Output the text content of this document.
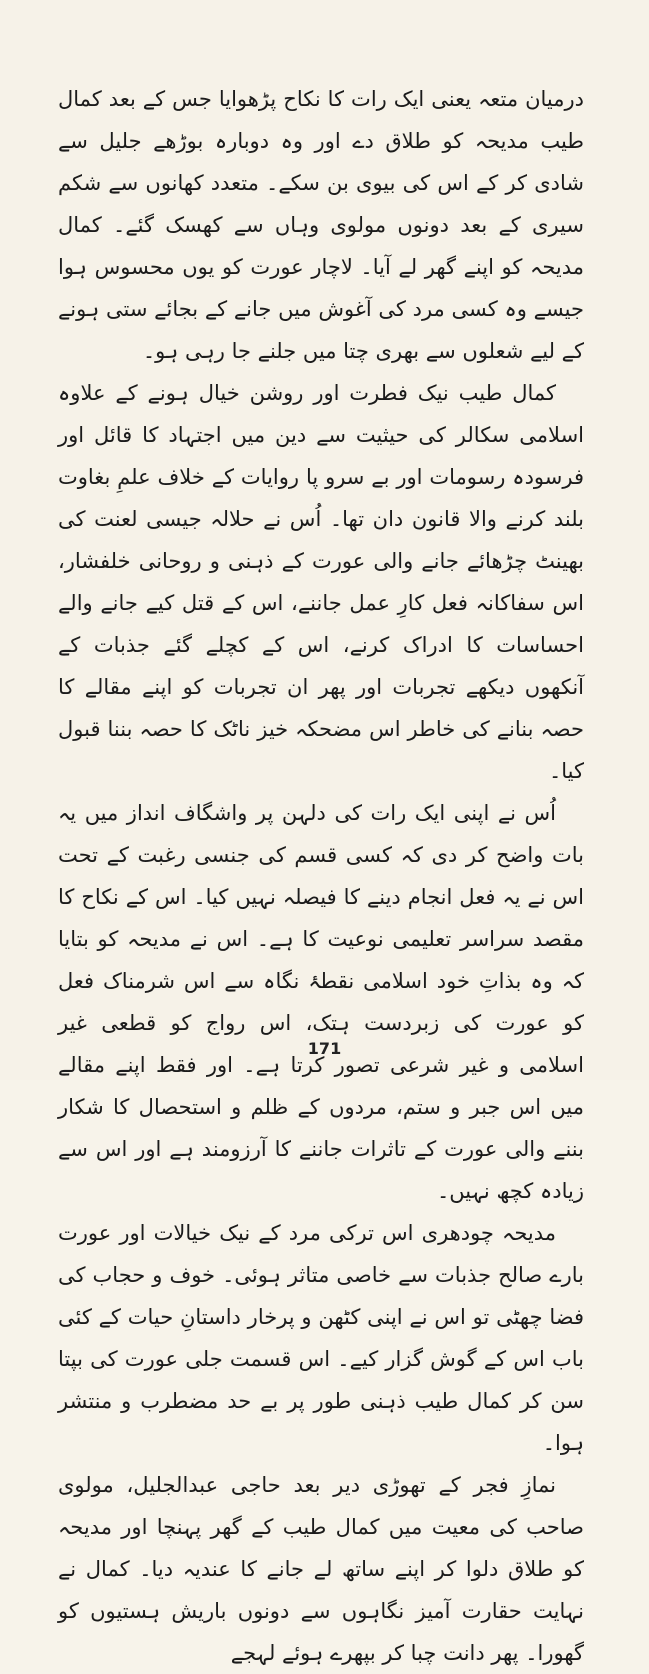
درمیان متعہ یعنی ایک رات کا نکاح پڑھوایا جس کے بعد کمال طیب مدیحہ کو طلاق دے اور وہ دوبارہ بوڑھے جلیل سے شادی کر کے اس کی بیوی بن سکے۔ متعدد کھانوں سے شکم سیری کے بعد دونوں مولوی وہاں سے کھسک گئے۔ کمال مدیحہ کو اپنے گھر لے آیا۔ لاچار عورت کو یوں محسوس ہوا جیسے وہ کسی مرد کی آغوش میں جانے کے بجائے ستی ہونے کے لیے شعلوں سے بھری چتا میں جلنے جا رہی ہو۔

کمال طیب نیک فطرت اور روشن خیال ہونے کے علاوہ اسلامی سکالر کی حیثیت سے دین میں اجتہاد کا قائل اور فرسودہ رسومات اور بے سرو پا روایات کے خلاف علمِ بغاوت بلند کرنے والا قانون دان تھا۔ اُس نے حلالہ جیسی لعنت کی بھینٹ چڑھائے جانے والی عورت کے ذہنی و روحانی خلفشار، اس سفاکانہ فعل کارِ عمل جاننے، اس کے قتل کیے جانے والے احساسات کا ادراک کرنے، اس کے کچلے گئے جذبات کے آنکھوں دیکھے تجربات اور پھر ان تجربات کو اپنے مقالے کا حصہ بنانے کی خاطر اس مضحکہ خیز ناٹک کا حصہ بننا قبول کیا۔

اُس نے اپنی ایک رات کی دلہن پر واشگاف انداز میں یہ بات واضح کر دی کہ کسی قسم کی جنسی رغبت کے تحت اس نے یہ فعل انجام دینے کا فیصلہ نہیں کیا۔ اس کے نکاح کا مقصد سراسر تعلیمی نوعیت کا ہے۔ اس نے مدیحہ کو بتایا کہ وہ بذاتِ خود اسلامی نقطۂ نگاہ سے اس شرمناک فعل کو عورت کی زبردست ہتک، اس رواج کو قطعی غیر اسلامی و غیر شرعی تصور کرتا ہے۔ اور فقط اپنے مقالے میں اس جبر و ستم، مردوں کے ظلم و استحصال کا شکار بننے والی عورت کے تاثرات جاننے کا آرزومند ہے اور اس سے زیادہ کچھ نہیں۔

مدیحہ چودھری اس ترکی مرد کے نیک خیالات اور عورت بارے صالح جذبات سے خاصی متاثر ہوئی۔ خوف و حجاب کی فضا چھٹی تو اس نے اپنی کٹھن و پرخار داستانِ حیات کے کئی باب اس کے گوش گزار کیے۔ اس قسمت جلی عورت کی بپتا سن کر کمال طیب ذہنی طور پر بے حد مضطرب و منتشر ہوا۔

نمازِ فجر کے تھوڑی دیر بعد حاجی عبدالجلیل، مولوی صاحب کی معیت میں کمال طیب کے گھر پہنچا اور مدیحہ کو طلاق دلوا کر اپنے ساتھ لے جانے کا عندیہ دیا۔ کمال نے نہایت حقارت آمیز نگاہوں سے دونوں باریش ہستیوں کو گھورا۔ پھر دانت چبا کر بپھرے ہوئے لہجے

171
